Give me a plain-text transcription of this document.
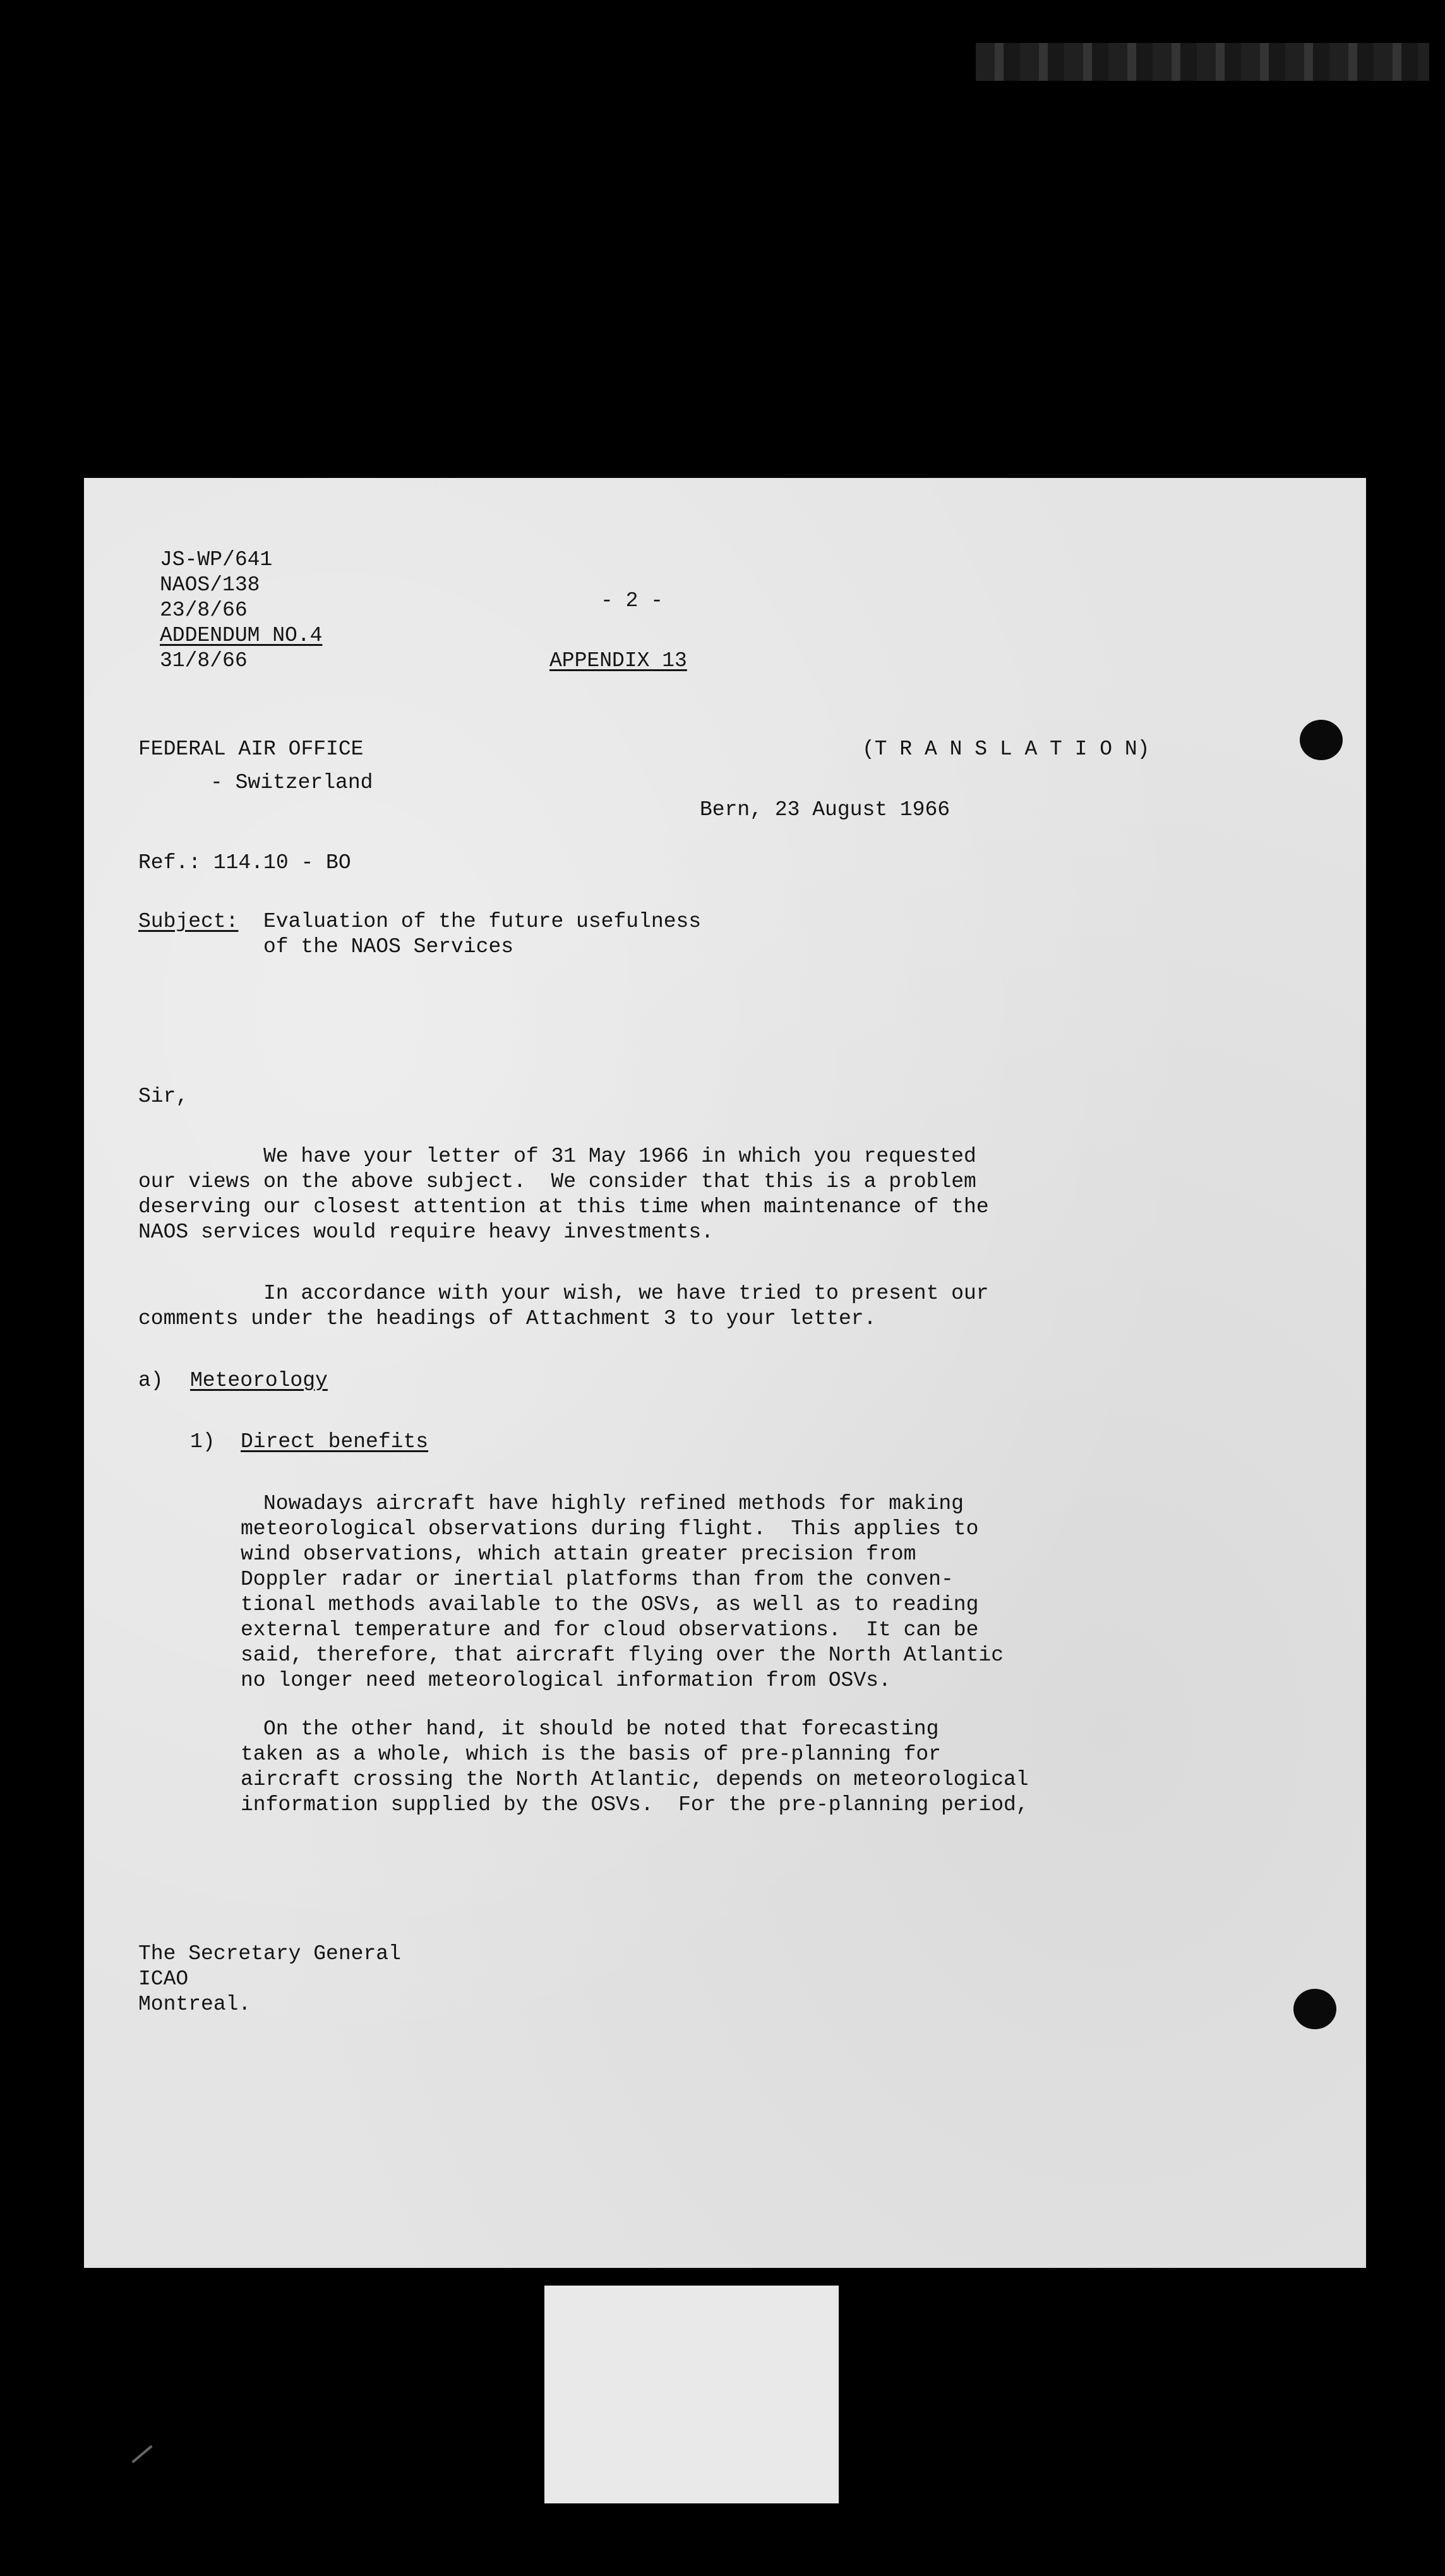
JS-WP/641
NAOS/138
23/8/66
ADDENDUM NO.4
31/8/66
- 2 -
APPENDIX 13
FEDERAL AIR OFFICE
- Switzerland
(T R A N S L A T I O N)
Bern, 23 August 1966
Ref.: 114.10 - BO
Subject: Evaluation of the future usefulness
of the NAOS Services
Sir,
We have your letter of 31 May 1966 in which you requested
our views on the above subject.  We consider that this is a problem
deserving our closest attention at this time when maintenance of the
NAOS services would require heavy investments.
In accordance with your wish, we have tried to present our
comments under the headings of Attachment 3 to your letter.
a) Meteorology
1) Direct benefits
Nowadays aircraft have highly refined methods for making
meteorological observations during flight.  This applies to
wind observations, which attain greater precision from
Doppler radar or inertial platforms than from the conven-
tional methods available to the OSVs, as well as to reading
external temperature and for cloud observations.  It can be
said, therefore, that aircraft flying over the North Atlantic
no longer need meteorological information from OSVs.
On the other hand, it should be noted that forecasting
taken as a whole, which is the basis of pre-planning for
aircraft crossing the North Atlantic, depends on meteorological
information supplied by the OSVs.  For the pre-planning period,
The Secretary General
ICAO
Montreal.
